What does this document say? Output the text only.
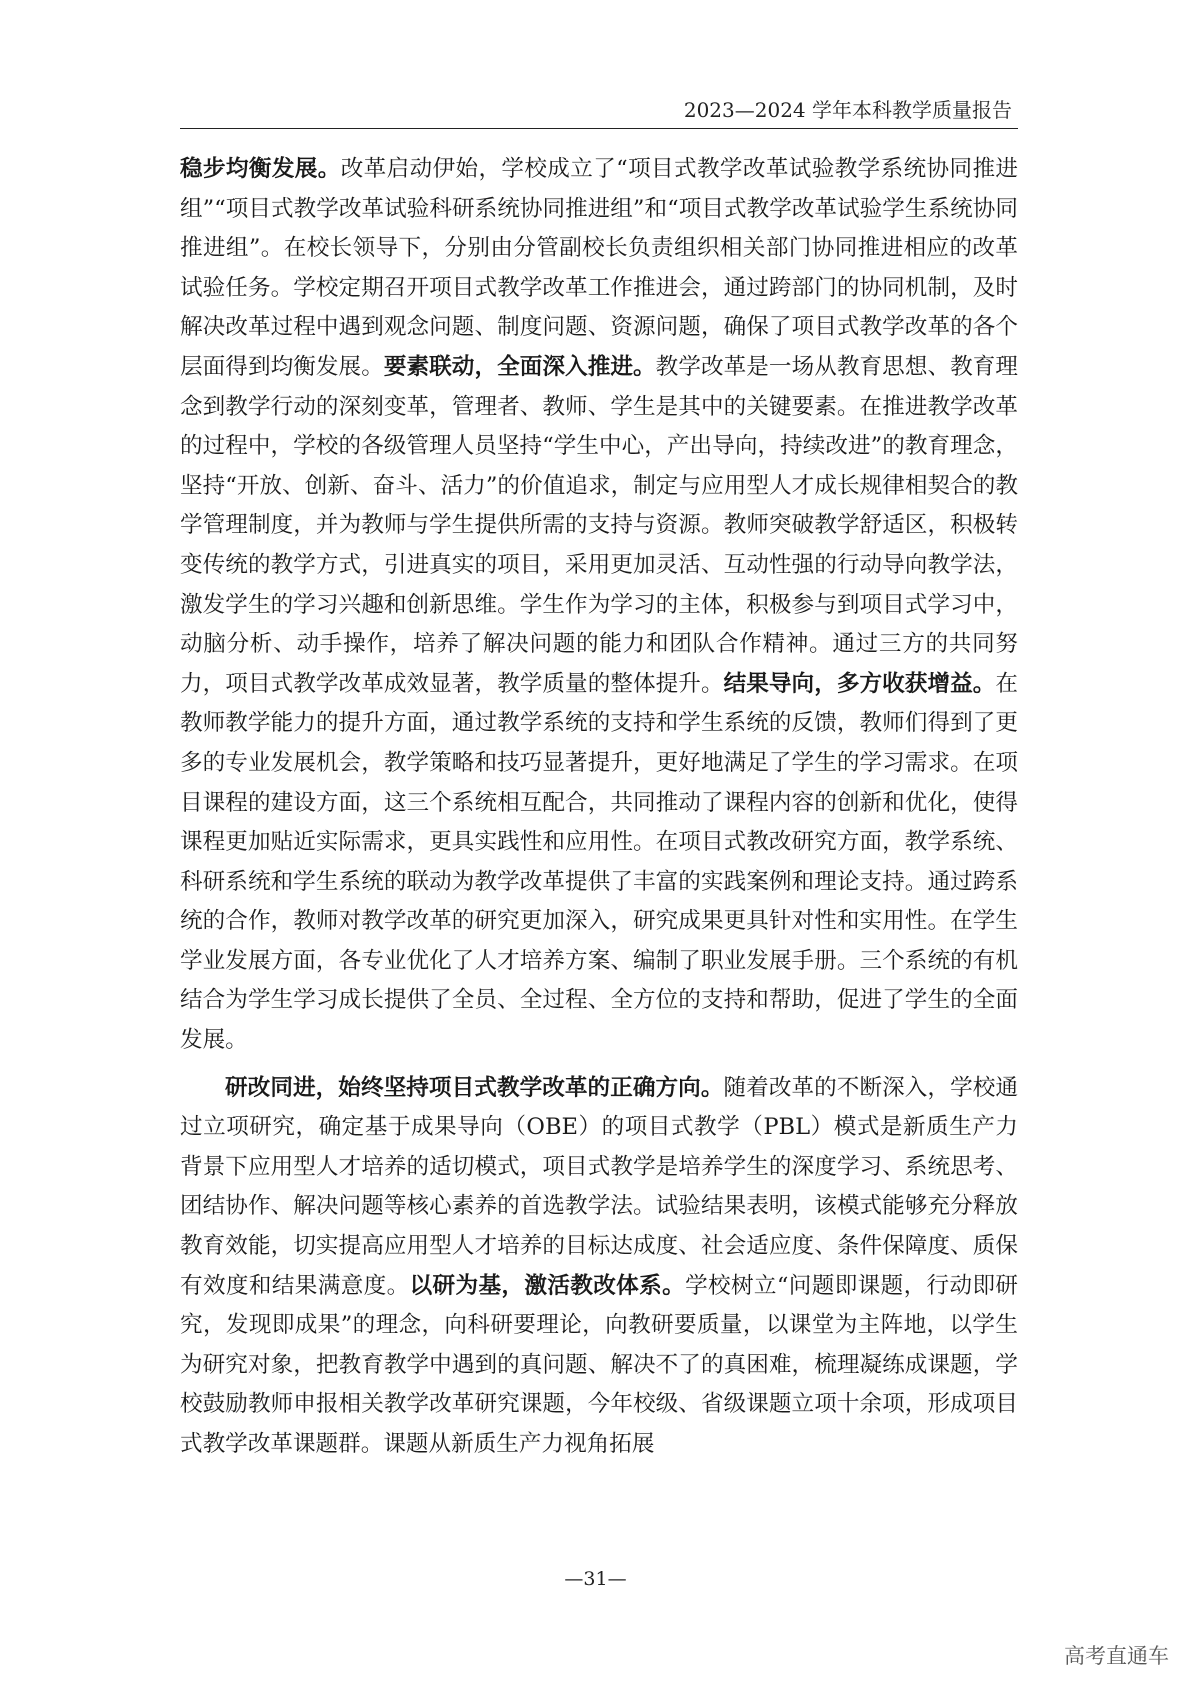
2023—2024 学年本科教学质量报告

稳步均衡发展。改革启动伊始，学校成立了“项目式教学改革试验教学系统协同推进组”“项目式教学改革试验科研系统协同推进组”和“项目式教学改革试验学生系统协同推进组”。在校长领导下，分别由分管副校长负责组织相关部门协同推进相应的改革试验任务。学校定期召开项目式教学改革工作推进会，通过跨部门的协同机制，及时解决改革过程中遇到观念问题、制度问题、资源问题，确保了项目式教学改革的各个层面得到均衡发展。要素联动，全面深入推进。教学改革是一场从教育思想、教育理念到教学行动的深刻变革，管理者、教师、学生是其中的关键要素。在推进教学改革的过程中，学校的各级管理人员坚持“学生中心，产出导向，持续改进”的教育理念，坚持“开放、创新、奋斗、活力”的价值追求，制定与应用型人才成长规律相契合的教学管理制度，并为教师与学生提供所需的支持与资源。教师突破教学舒适区，积极转变传统的教学方式，引进真实的项目，采用更加灵活、互动性强的行动导向教学法，激发学生的学习兴趣和创新思维。学生作为学习的主体，积极参与到项目式学习中，动脑分析、动手操作，培养了解决问题的能力和团队合作精神。通过三方的共同努力，项目式教学改革成效显著，教学质量的整体提升。结果导向，多方收获增益。在教师教学能力的提升方面，通过教学系统的支持和学生系统的反馈，教师们得到了更多的专业发展机会，教学策略和技巧显著提升，更好地满足了学生的学习需求。在项目课程的建设方面，这三个系统相互配合，共同推动了课程内容的创新和优化，使得课程更加贴近实际需求，更具实践性和应用性。在项目式教改研究方面，教学系统、科研系统和学生系统的联动为教学改革提供了丰富的实践案例和理论支持。通过跨系统的合作，教师对教学改革的研究更加深入，研究成果更具针对性和实用性。在学生学业发展方面，各专业优化了人才培养方案、编制了职业发展手册。三个系统的有机结合为学生学习成长提供了全员、全过程、全方位的支持和帮助，促进了学生的全面发展。

研改同进，始终坚持项目式教学改革的正确方向。随着改革的不断深入，学校通过立项研究，确定基于成果导向（OBE）的项目式教学（PBL）模式是新质生产力背景下应用型人才培养的适切模式，项目式教学是培养学生的深度学习、系统思考、团结协作、解决问题等核心素养的首选教学法。试验结果表明，该模式能够充分释放教育效能，切实提高应用型人才培养的目标达成度、社会适应度、条件保障度、质保有效度和结果满意度。以研为基，激活教改体系。学校树立“问题即课题，行动即研究，发现即成果”的理念，向科研要理论，向教研要质量，以课堂为主阵地，以学生为研究对象，把教育教学中遇到的真问题、解决不了的真困难，梳理凝练成课题，学校鼓励教师申报相关教学改革研究课题，今年校级、省级课题立项十余项，形成项目式教学改革课题群。课题从新质生产力视角拓展

—31—
高考直通车
